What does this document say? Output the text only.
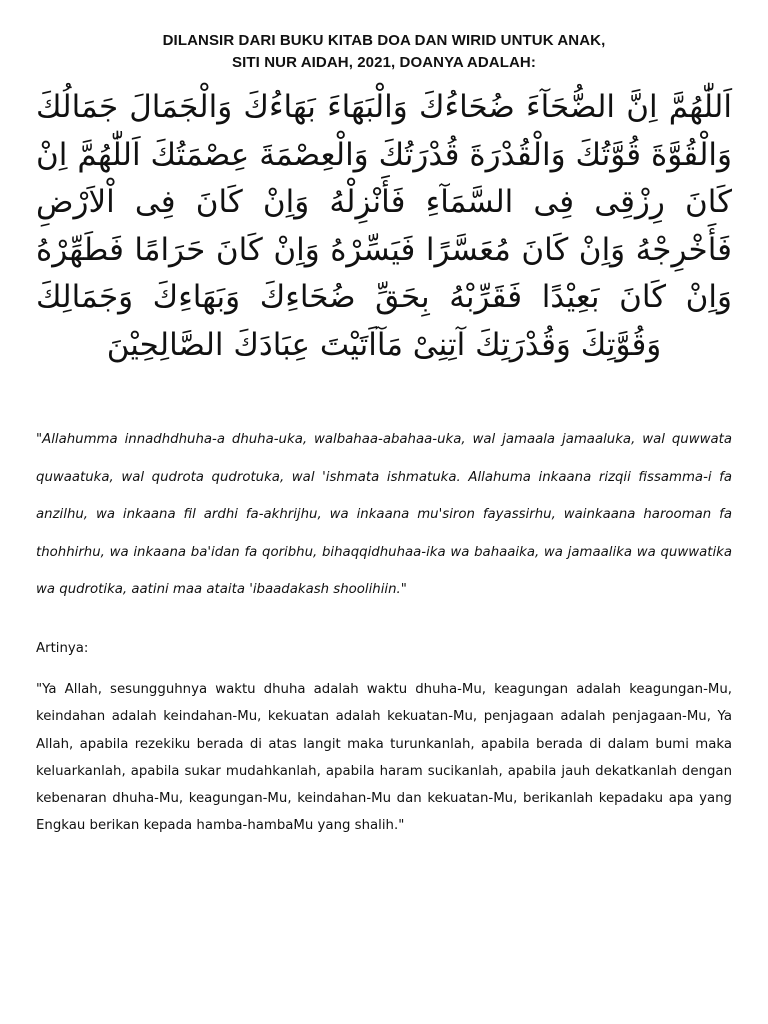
DILANSIR DARI BUKU KITAB DOA DAN WIRID UNTUK ANAK,
SITI NUR AIDAH, 2021, DOANYA ADALAH:
اَللّٰهُمَّ اِنَّ الضُّحَآءَ ضُحَاءُكَ وَالْبَهَاءَ بَهَاءُكَ وَالْجَمَالَ جَمَالُكَ وَالْقُوَّةَ قُوَّتُكَ وَالْقُدْرَةَ قُدْرَتُكَ وَالْعِصْمَةَ عِصْمَتُكَ اَللّٰهُمَّ اِنْ كَانَ رِزْقِى فِى السَّمَآءِ فَأَنْزِلْهُ وَاِنْ كَانَ فِى اْلاَرْضِ فَأَخْرِجْهُ وَاِنْ كَانَ مُعَسَّرًا فَيَسِّرْهُ وَاِنْ كَانَ حَرَامًا فَطَهِّرْهُ وَاِنْ كَانَ بَعِيْدًا فَقَرِّبْهُ بِحَقِّ ضُحَاءِكَ وَبَهَاءِكَ وَجَمَالِكَ وَقُوَّتِكَ وَقُدْرَتِكَ آتِنِىْ مَآاَتَيْتَ عِبَادَكَ الصَّالِحِيْنَ

"Allahumma innadhdhuha-a dhuha-uka, walbahaa-abahaa-uka, wal jamaala jamaaluka, wal quwwata quwaatuka, wal qudrota qudrotuka, wal 'ishmata ishmatuka. Allahuma inkaana rizqii fissamma-i fa anzilhu, wa inkaana fil ardhi fa-akhrijhu, wa inkaana mu'siron fayassirhu, wainkaana harooman fa thohhirhu, wa inkaana ba'idan fa qoribhu, bihaqqidhuhaa-ika wa bahaaika, wa jamaalika wa quwwatika wa qudrotika, aatini maa ataita 'ibaadakash shoolihiin."

Artinya:

"Ya Allah, sesungguhnya waktu dhuha adalah waktu dhuha-Mu, keagungan adalah keagungan-Mu, keindahan adalah keindahan-Mu, kekuatan adalah kekuatan-Mu, penjagaan adalah penjagaan-Mu, Ya Allah, apabila rezekiku berada di atas langit maka turunkanlah, apabila berada di dalam bumi maka keluarkanlah, apabila sukar mudahkanlah, apabila haram sucikanlah, apabila jauh dekatkanlah dengan kebenaran dhuha-Mu, keagungan-Mu, keindahan-Mu dan kekuatan-Mu, berikanlah kepadaku apa yang Engkau berikan kepada hamba-hambaMu yang shalih."
